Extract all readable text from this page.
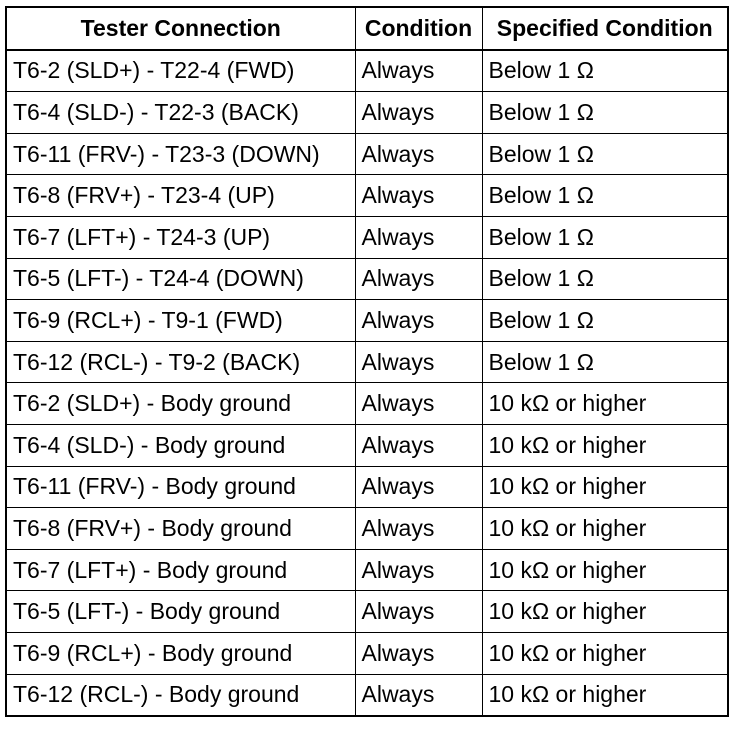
Tester Connection	Condition	Specified Condition
T6-2 (SLD+) - T22-4 (FWD)	Always	Below 1 Ω
T6-4 (SLD-) - T22-3 (BACK)	Always	Below 1 Ω
T6-11 (FRV-) - T23-3 (DOWN)	Always	Below 1 Ω
T6-8 (FRV+) - T23-4 (UP)	Always	Below 1 Ω
T6-7 (LFT+) - T24-3 (UP)	Always	Below 1 Ω
T6-5 (LFT-) - T24-4 (DOWN)	Always	Below 1 Ω
T6-9 (RCL+) - T9-1 (FWD)	Always	Below 1 Ω
T6-12 (RCL-) - T9-2 (BACK)	Always	Below 1 Ω
T6-2 (SLD+) - Body ground	Always	10 kΩ or higher
T6-4 (SLD-) - Body ground	Always	10 kΩ or higher
T6-11 (FRV-) - Body ground	Always	10 kΩ or higher
T6-8 (FRV+) - Body ground	Always	10 kΩ or higher
T6-7 (LFT+) - Body ground	Always	10 kΩ or higher
T6-5 (LFT-) - Body ground	Always	10 kΩ or higher
T6-9 (RCL+) - Body ground	Always	10 kΩ or higher
T6-12 (RCL-) - Body ground	Always	10 kΩ or higher
